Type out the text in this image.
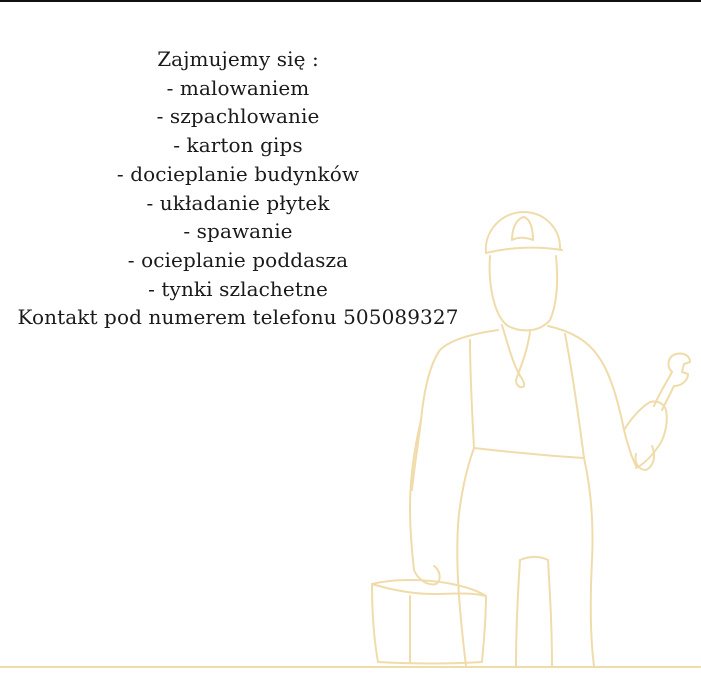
Zajmujemy się :
- malowaniem
- szpachlowanie
- karton gips
- docieplanie budynków
- układanie płytek
- spawanie
- ocieplanie poddasza
- tynki szlachetne
Kontakt pod numerem telefonu 505089327
